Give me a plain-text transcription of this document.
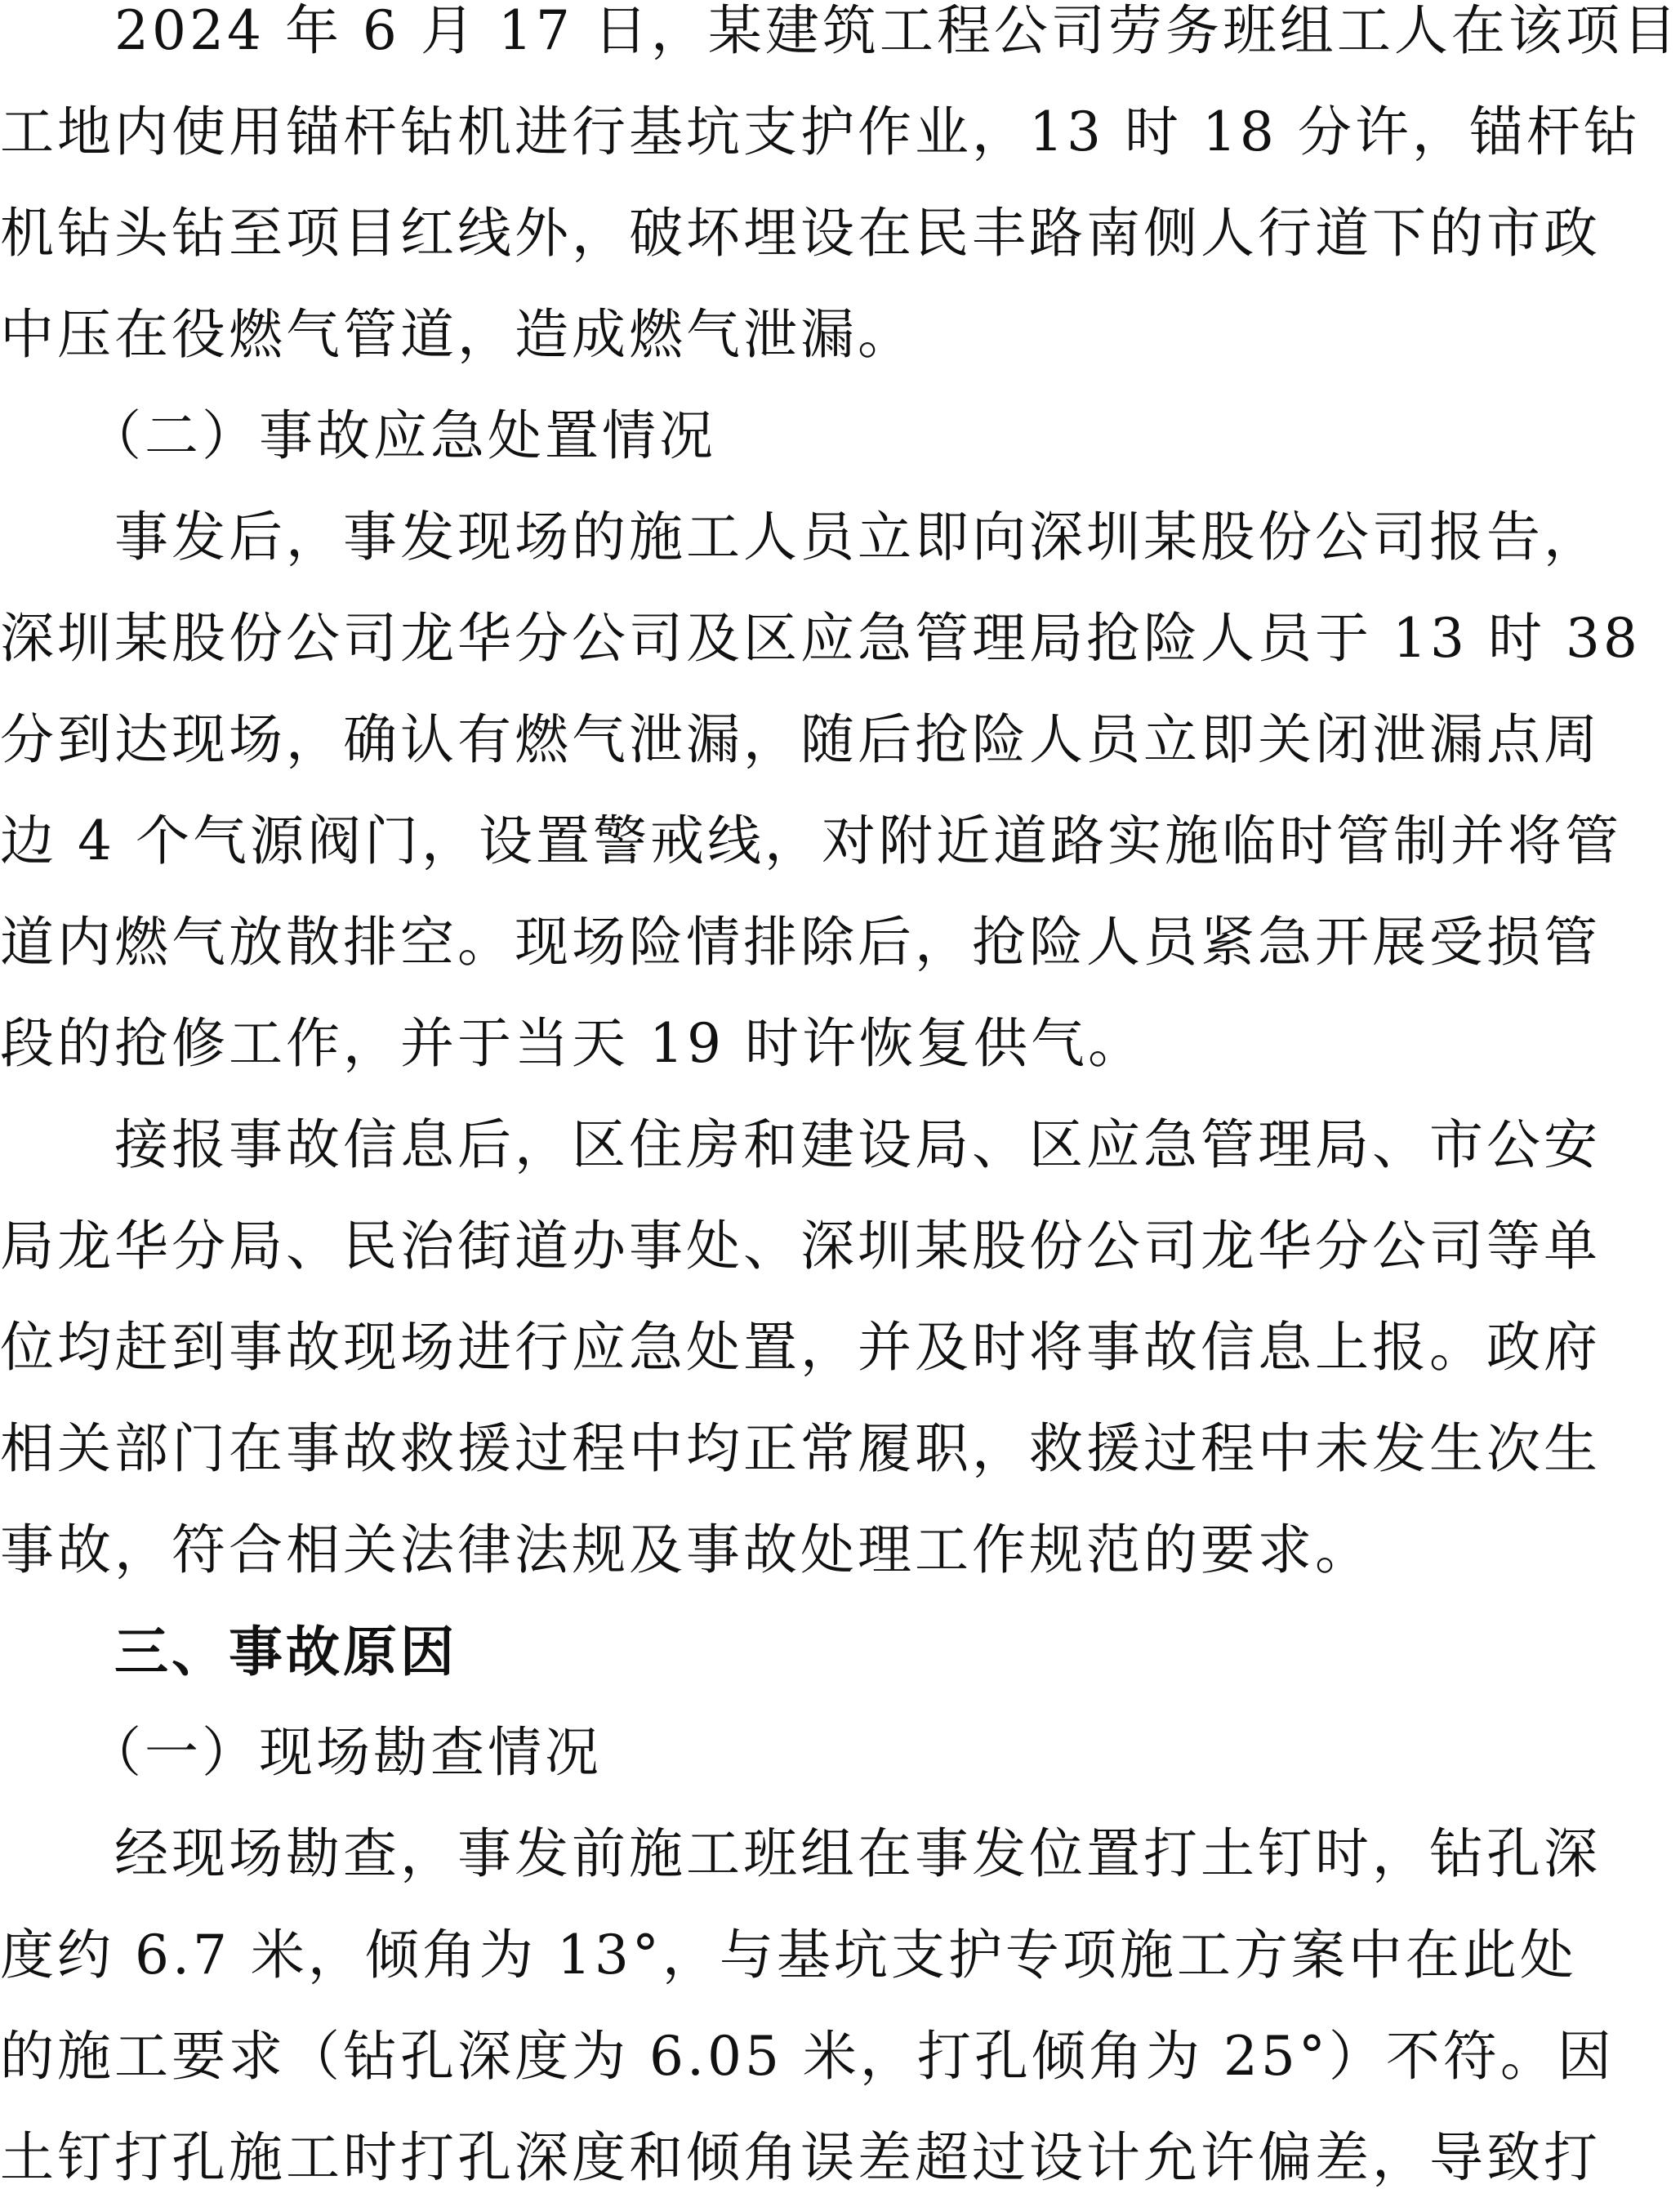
　　2024 年 6 月 17 日，某建筑工程公司劳务班组工人在该项目
工地内使用锚杆钻机进行基坑支护作业，13 时 18 分许，锚杆钻
机钻头钻至项目红线外，破坏埋设在民丰路南侧人行道下的市政
中压在役燃气管道，造成燃气泄漏。
　　（二）事故应急处置情况
　　事发后，事发现场的施工人员立即向深圳某股份公司报告，
深圳某股份公司龙华分公司及区应急管理局抢险人员于 13 时 38
分到达现场，确认有燃气泄漏，随后抢险人员立即关闭泄漏点周
边 4 个气源阀门，设置警戒线，对附近道路实施临时管制并将管
道内燃气放散排空。现场险情排除后，抢险人员紧急开展受损管
段的抢修工作，并于当天 19 时许恢复供气。
　　接报事故信息后，区住房和建设局、区应急管理局、市公安
局龙华分局、民治街道办事处、深圳某股份公司龙华分公司等单
位均赶到事故现场进行应急处置，并及时将事故信息上报。政府
相关部门在事故救援过程中均正常履职，救援过程中未发生次生
事故，符合相关法律法规及事故处理工作规范的要求。
　　三、事故原因
　　（一）现场勘查情况
　　经现场勘查，事发前施工班组在事发位置打土钉时，钻孔深
度约 6.7 米，倾角为 13°，与基坑支护专项施工方案中在此处
的施工要求（钻孔深度为 6.05 米，打孔倾角为 25°）不符。因
土钉打孔施工时打孔深度和倾角误差超过设计允许偏差，导致打
